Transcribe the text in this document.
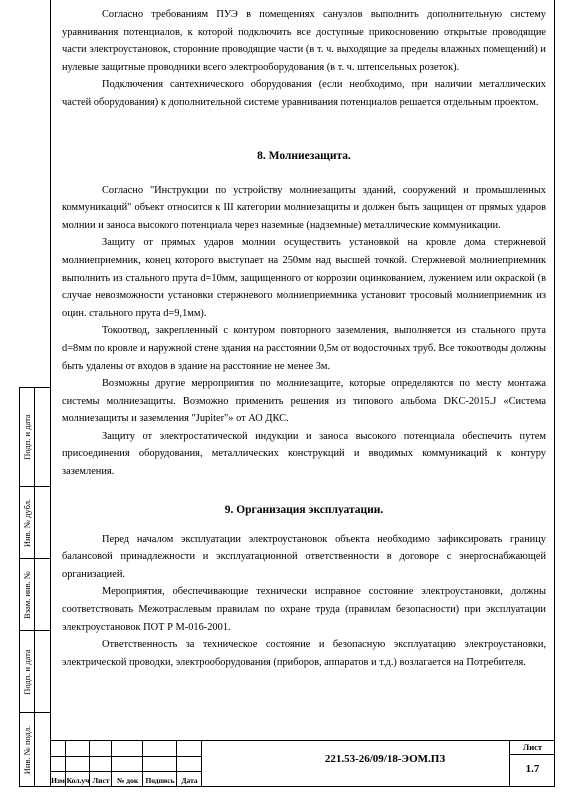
Согласно требованиям ПУЭ в помещениях санузлов выполнить дополнительную систему уравнивания потенциалов, к которой подключить все доступные прикосновению открытые проводящие части электроустановок, сторонние проводящие части (в т. ч. выходящие за пределы влажных помещений) и нулевые защитные проводники всего электрооборудования (в т. ч. штепсельных розеток).

Подключения сантехнического оборудования (если необходимо, при наличии металлических частей оборудования) к дополнительной системе уравнивания потенциалов решается отдельным проектом.

8. Молниезащита.

Согласно "Инструкции по устройству молниезащиты зданий, сооружений и промышленных коммуникаций" объект относится к III категории молниезащиты и должен быть защищен от прямых ударов молнии и заноса высокого потенциала через наземные (надземные) металлические коммуникации.

Защиту от прямых ударов молнии осуществить установкой на кровле дома стержневой молниеприемник, конец которого выступает на 250мм над высшей точкой. Стержневой молниеприемник выполнить из стального прута d=10мм, защищенного от коррозии оцинкованием, лужением или окраской (в случае невозможности установки стержневого молниеприемника установит тросовый молниеприемник из оцин. стального прута d=9,1мм).

Токоотвод, закрепленный с контуром повторного заземления, выполняется из стального прута d=8мм по кровле и наружной стене здания на расстоянии 0,5м от водосточных труб. Все токоотводы должны быть удалены от входов в здание на расстояние не менее 3м.

Возможны другие мерроприятия по молниезащите, которые определяются по месту монтажа системы молниезащиты. Возможно применить решения из типового альбома DKC-2015.J «Система молниезащиты и заземления "Jupiter"» от АО ДКС.

Защиту от электростатической индукции и заноса высокого потенциала обеспечить путем присоединения оборудования, металлических конструкций и вводимых коммуникаций к контуру заземления.

9. Организация эксплуатации.

Перед началом эксплуатации электроустановок объекта необходимо зафиксировать границу балансовой принадлежности и эксплуатационной ответственности в договоре с энергоснабжающей организацией.

Мероприятия, обеспечивающие технически исправное состояние электроустановки, должны соответствовать Межотраслевым правилам по охране труда (правилам безопасности) при эксплуатации электроустановок ПОТ Р М-016-2001.

Ответственность за техническое состояние и безопасную эксплуатацию электроустановки, электрической проводки, электрооборудования (приборов, аппаратов и т.д.) возлагается на Потребителя.

Подп. и дата
Инв. № дубл.
Взам. инв. №
Подп. и дата
Инв. № подл.
Изм Кол.уч Лист № док Подпись Дата
221.53-26/09/18-ЭОМ.ПЗ
Лист
1.7
